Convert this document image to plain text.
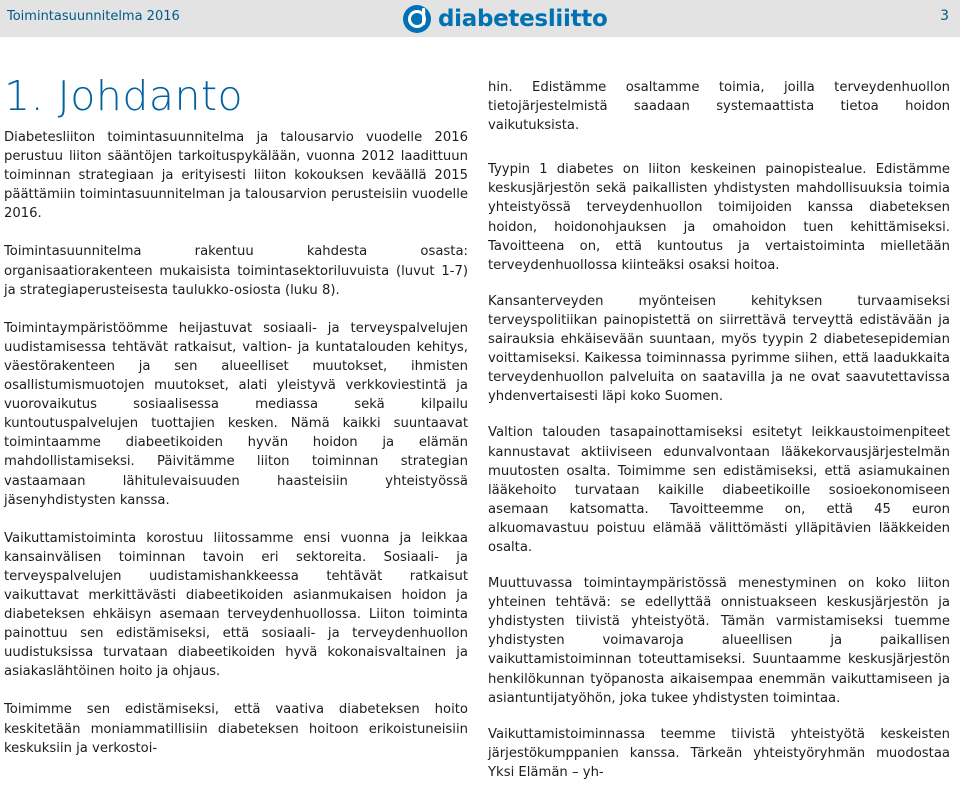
Toimintasuunnitelma 2016	diabetesliitto	3
1. Johdanto

Diabetesliiton toimintasuunnitelma ja talousarvio vuodelle 2016 perustuu liiton sääntöjen tarkoituspykälään, vuonna 2012 laadittuun toiminnan strategiaan ja erityisesti liiton kokouksen keväällä 2015 päättämiin toimintasuunnitelman ja talousarvion perusteisiin vuodelle 2016.

Toimintasuunnitelma rakentuu kahdesta osasta: organisaatiorakenteen mukaisista toimintasektoriluvuista (luvut 1-7) ja strategiaperusteisesta taulukko-osiosta (luku 8).

Toimintaympäristöömme heijastuvat sosiaali- ja terveyspalvelujen uudistamisessa tehtävät ratkaisut, valtion- ja kuntatalouden kehitys, väestörakenteen ja sen alueelliset muutokset, ihmisten osallistumismuotojen muutokset, alati yleistyvä verkkoviestintä ja vuorovaikutus sosiaalisessa mediassa sekä kilpailu kuntoutuspalvelujen tuottajien kesken. Nämä kaikki suuntaavat toimintaamme diabeetikoiden hyvän hoidon ja elämän mahdollistamiseksi. Päivitämme liiton toiminnan strategian vastaamaan lähitulevaisuuden haasteisiin yhteistyössä jäsenyhdistysten kanssa.

Vaikuttamistoiminta korostuu liitossamme ensi vuonna ja leikkaa kansainvälisen toiminnan tavoin eri sektoreita. Sosiaali- ja terveyspalvelujen uudistamishankkeessa tehtävät ratkaisut vaikuttavat merkittävästi diabeetikoiden asianmukaisen hoidon ja diabeteksen ehkäisyn asemaan terveydenhuollossa. Liiton toiminta painottuu sen edistämiseksi, että sosiaali- ja terveydenhuollon uudistuksissa turvataan diabeetikoiden hyvä kokonaisvaltainen ja asiakaslähtöinen hoito ja ohjaus.

Toimimme sen edistämiseksi, että vaativa diabeteksen hoito keskitetään moniammatillisiin diabeteksen hoitoon erikoistuneisiin keskuksiin ja verkostoi-

hin. Edistämme osaltamme toimia, joilla terveydenhuollon tietojärjestelmistä saadaan systemaattista tietoa hoidon vaikutuksista.

Tyypin 1 diabetes on liiton keskeinen painopistealue. Edistämme keskusjärjestön sekä paikallisten yhdistysten mahdollisuuksia toimia yhteistyössä terveydenhuollon toimijoiden kanssa diabeteksen hoidon, hoidonohjauksen ja omahoidon tuen kehittämiseksi. Tavoitteena on, että kuntoutus ja vertaistoiminta mielletään terveydenhuollossa kiinteäksi osaksi hoitoa.

Kansanterveyden myönteisen kehityksen turvaamiseksi terveyspolitiikan painopistettä on siirrettävä terveyttä edistävään ja sairauksia ehkäisevään suuntaan, myös tyypin 2 diabetesepidemian voittamiseksi. Kaikessa toiminnassa pyrimme siihen, että laadukkaita terveydenhuollon palveluita on saatavilla ja ne ovat saavutettavissa yhdenvertaisesti läpi koko Suomen.

Valtion talouden tasapainottamiseksi esitetyt leikkaustoimenpiteet kannustavat aktiiviseen edunvalvontaan lääkekorvausjärjestelmän muutosten osalta. Toimimme sen edistämiseksi, että asiamukainen lääkehoito turvataan kaikille diabeetikoille sosioekonomiseen asemaan katsomatta. Tavoitteemme on, että 45 euron alkuomavastuu poistuu elämää välittömästi ylläpitävien lääkkeiden osalta.

Muuttuvassa toimintaympäristössä menestyminen on koko liiton yhteinen tehtävä: se edellyttää onnistuakseen keskusjärjestön ja yhdistysten tiivistä yhteistyötä. Tämän varmistamiseksi tuemme yhdistysten voimavaroja alueellisen ja paikallisen vaikuttamistoiminnan toteuttamiseksi. Suuntaamme keskusjärjestön henkilökunnan työpanosta aikaisempaa enemmän vaikuttamiseen ja asiantuntijatyöhön, joka tukee yhdistysten toimintaa.

Vaikuttamistoiminnassa teemme tiivistä yhteistyötä keskeisten järjestökumppanien kanssa. Tärkeän yhteistyöryhmän muodostaa Yksi Elämän – yh-
